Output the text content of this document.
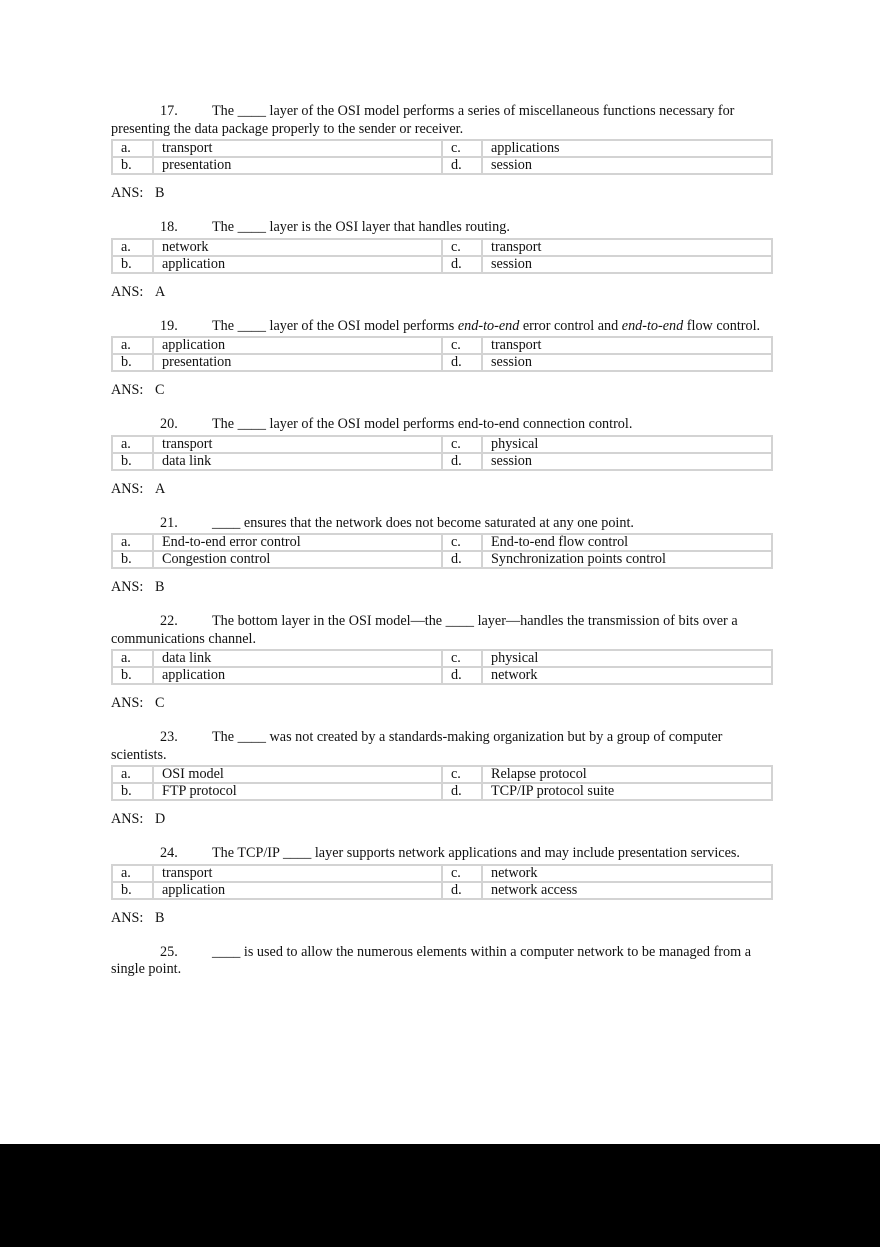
17. The ____ layer of the OSI model performs a series of miscellaneous functions necessary for presenting the data package properly to the sender or receiver.

a.	transport	c.	applications
b.	presentation	d.	session

ANS: B

18. The ____ layer is the OSI layer that handles routing.

a.	network	c.	transport
b.	application	d.	session

ANS: A

19. The ____ layer of the OSI model performs end-to-end error control and end-to-end flow control.

a.	application	c.	transport
b.	presentation	d.	session

ANS: C

20. The ____ layer of the OSI model performs end-to-end connection control.

a.	transport	c.	physical
b.	data link	d.	session

ANS: A

21. ____ ensures that the network does not become saturated at any one point.

a.	End-to-end error control	c.	End-to-end flow control
b.	Congestion control	d.	Synchronization points control

ANS: B

22. The bottom layer in the OSI model—the ____ layer—handles the transmission of bits over a communications channel.

a.	data link	c.	physical
b.	application	d.	network

ANS: C

23. The ____ was not created by a standards-making organization but by a group of computer scientists.

a.	OSI model	c.	Relapse protocol
b.	FTP protocol	d.	TCP/IP protocol suite

ANS: D

24. The TCP/IP ____ layer supports network applications and may include presentation services.

a.	transport	c.	network
b.	application	d.	network access

ANS: B

25. ____ is used to allow the numerous elements within a computer network to be managed from a single point.
